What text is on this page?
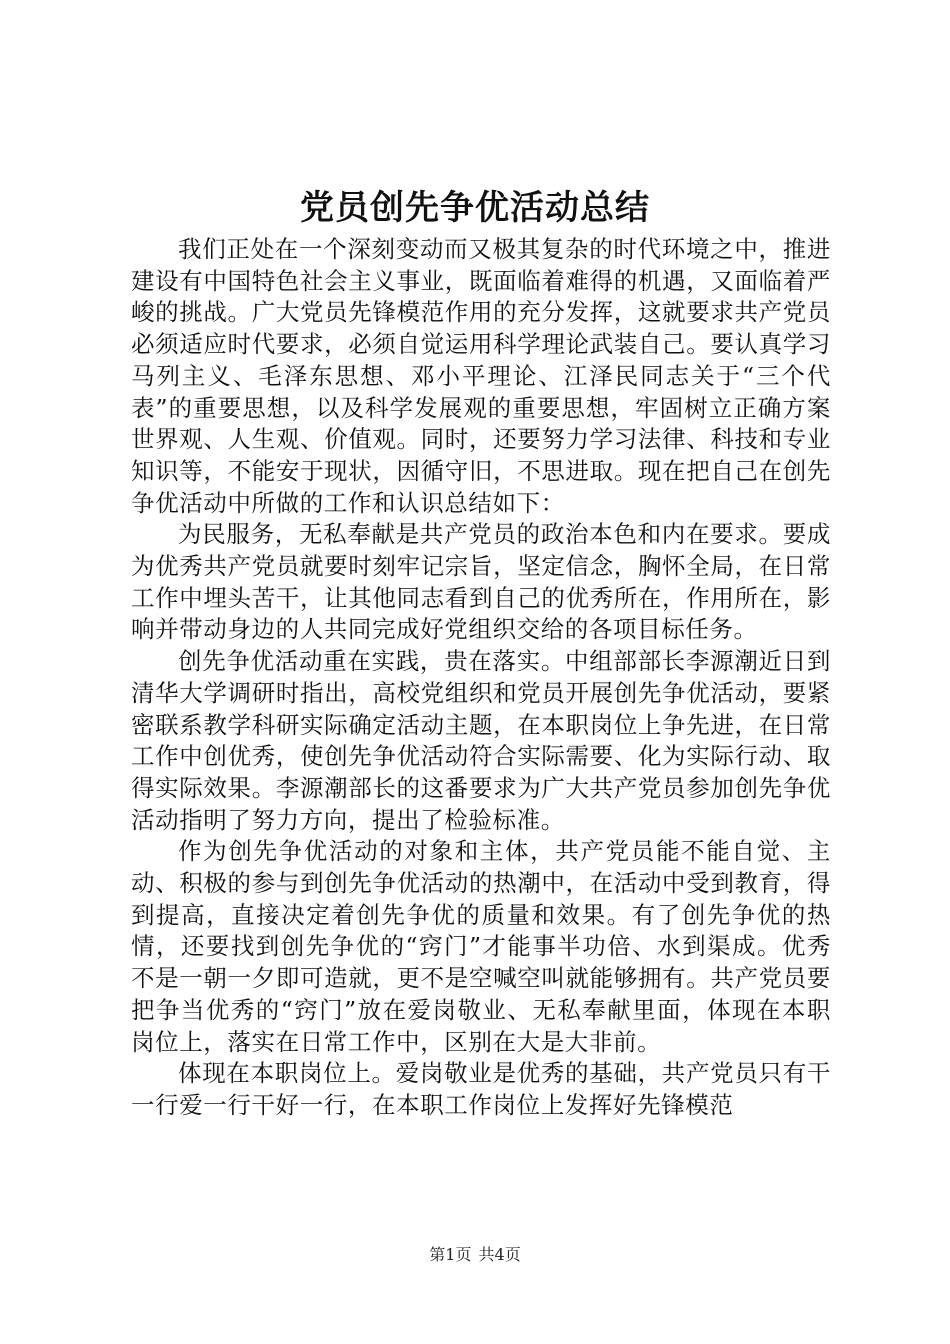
党员创先争优活动总结

我们正处在一个深刻变动而又极其复杂的时代环境之中，推进建设有中国特色社会主义事业，既面临着难得的机遇，又面临着严峻的挑战。广大党员先锋模范作用的充分发挥，这就要求共产党员必须适应时代要求，必须自觉运用科学理论武装自己。要认真学习马列主义、毛泽东思想、邓小平理论、江泽民同志关于“三个代表”的重要思想，以及科学发展观的重要思想，牢固树立正确方案世界观、人生观、价值观。同时，还要努力学习法律、科技和专业知识等，不能安于现状，因循守旧，不思进取。现在把自己在创先争优活动中所做的工作和认识总结如下：

为民服务，无私奉献是共产党员的政治本色和内在要求。要成为优秀共产党员就要时刻牢记宗旨，坚定信念，胸怀全局，在日常工作中埋头苦干，让其他同志看到自己的优秀所在，作用所在，影响并带动身边的人共同完成好党组织交给的各项目标任务。

创先争优活动重在实践，贵在落实。中组部部长李源潮近日到清华大学调研时指出，高校党组织和党员开展创先争优活动，要紧密联系教学科研实际确定活动主题，在本职岗位上争先进，在日常工作中创优秀，使创先争优活动符合实际需要、化为实际行动、取得实际效果。李源潮部长的这番要求为广大共产党员参加创先争优活动指明了努力方向，提出了检验标准。

作为创先争优活动的对象和主体，共产党员能不能自觉、主动、积极的参与到创先争优活动的热潮中，在活动中受到教育，得到提高，直接决定着创先争优的质量和效果。有了创先争优的热情，还要找到创先争优的“窍门”才能事半功倍、水到渠成。优秀不是一朝一夕即可造就，更不是空喊空叫就能够拥有。共产党员要把争当优秀的“窍门”放在爱岗敬业、无私奉献里面，体现在本职岗位上，落实在日常工作中，区别在大是大非前。

体现在本职岗位上。爱岗敬业是优秀的基础，共产党员只有干一行爱一行干好一行，在本职工作岗位上发挥好先锋模范

第1页 共4页
